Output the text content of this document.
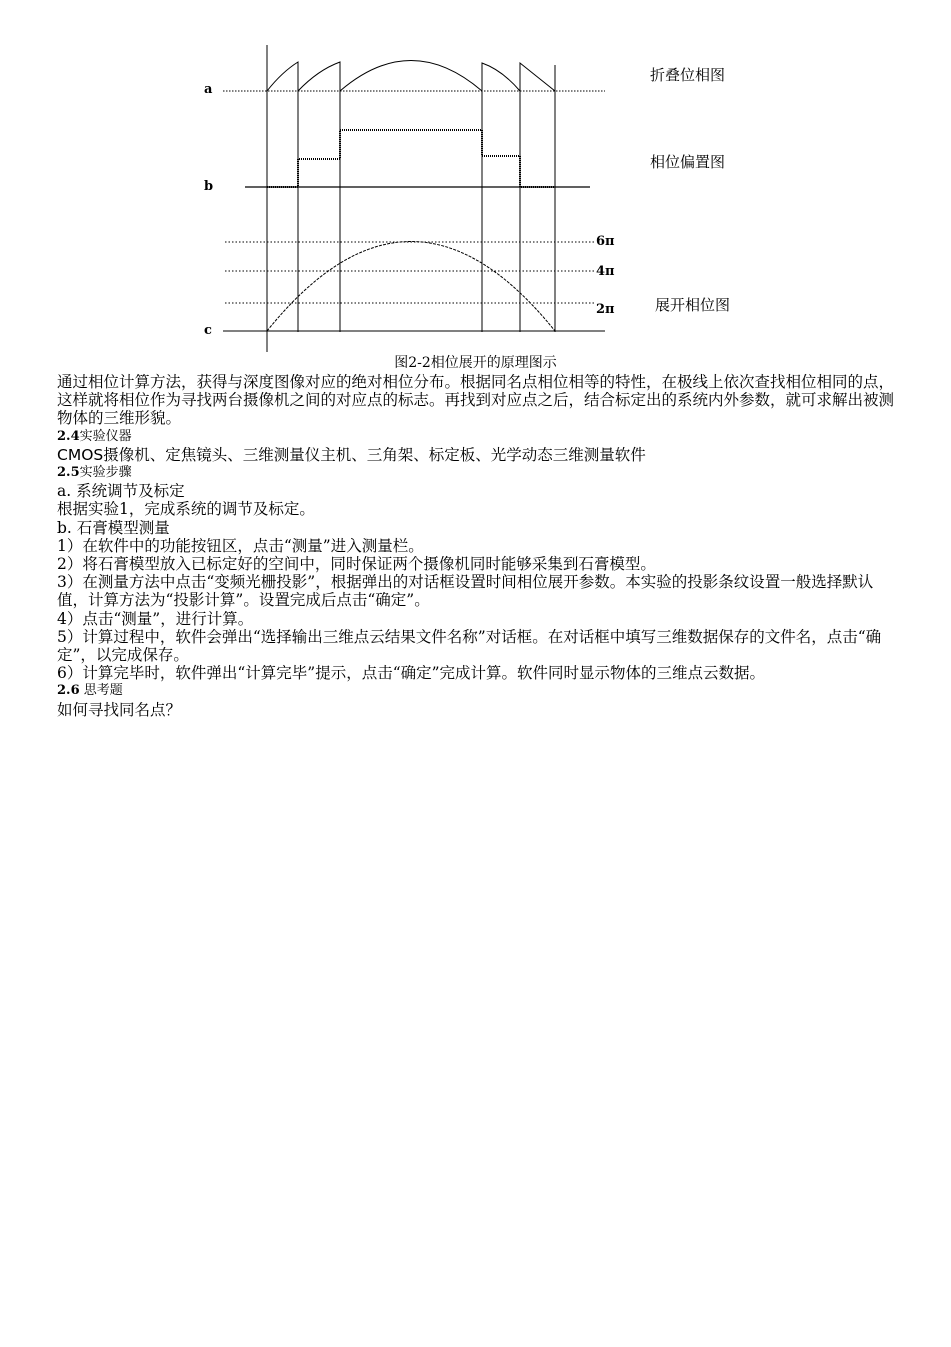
a
b
c
6π
4π
2π
折叠位相图
相位偏置图
展开相位图
图2-2相位展开的原理图示

通过相位计算方法，获得与深度图像对应的绝对相位分布。根据同名点相位相等的特性，在极线上依次查找相位相同的点，这样就将相位作为寻找两台摄像机之间的对应点的标志。再找到对应点之后，结合标定出的系统内外参数，就可求解出被测物体的三维形貌。

2.4实验仪器

CMOS摄像机、定焦镜头、三维测量仪主机、三角架、标定板、光学动态三维测量软件

2.5实验步骤

a. 系统调节及标定

根据实验1，完成系统的调节及标定。

b. 石膏模型测量

1）在软件中的功能按钮区，点击“测量”进入测量栏。

2）将石膏模型放入已标定好的空间中，同时保证两个摄像机同时能够采集到石膏模型。

3）在测量方法中点击“变频光栅投影”，根据弹出的对话框设置时间相位展开参数。本实验的投影条纹设置一般选择默认值，计算方法为“投影计算”。设置完成后点击“确定”。

4）点击“测量”，进行计算。

5）计算过程中，软件会弹出“选择输出三维点云结果文件名称”对话框。在对话框中填写三维数据保存的文件名，点击“确定”，以完成保存。

6）计算完毕时，软件弹出“计算完毕”提示，点击“确定”完成计算。软件同时显示物体的三维点云数据。

2.6 思考题

如何寻找同名点？
